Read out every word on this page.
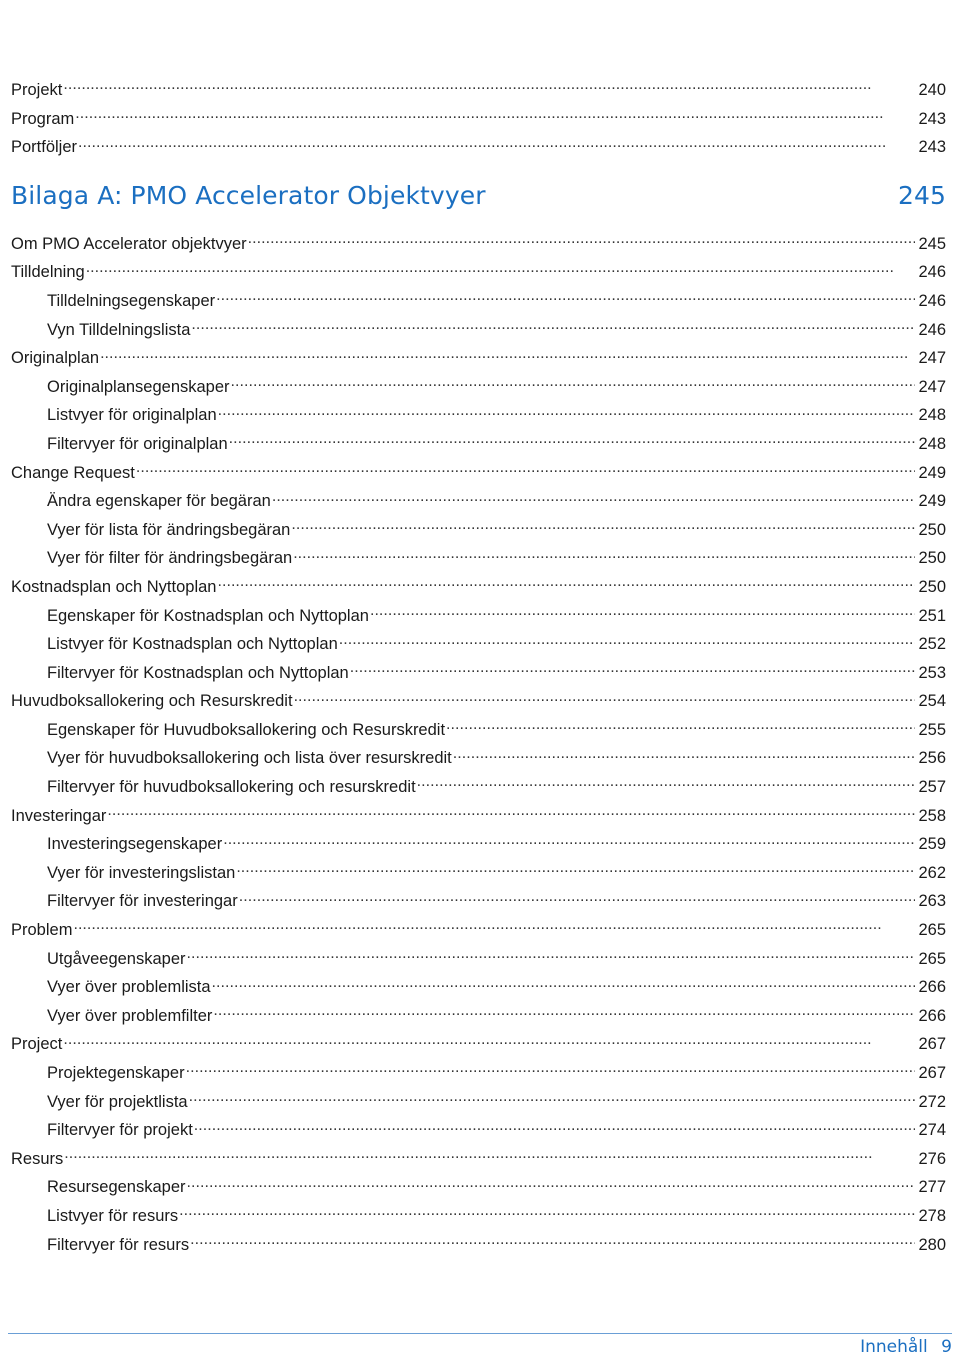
Projekt . . .	240
Program . . .	243
Portföljer . . .	243
Bilaga A: PMO Accelerator Objektvyer	245
Om PMO Accelerator objektvyer . . .	245
Tilldelning . . .	246
Tilldelningsegenskaper . . .	246
Vyn Tilldelningslista . . .	246
Originalplan . . .	247
Originalplansegenskaper . . .	247
Listvyer för originalplan . . .	248
Filtervyer för originalplan . . .	248
Change Request . . .	249
Ändra egenskaper för begäran . . .	249
Vyer för lista för ändringsbegäran . . .	250
Vyer för filter för ändringsbegäran . . .	250
Kostnadsplan och Nyttoplan . . .	250
Egenskaper för Kostnadsplan och Nyttoplan . . .	251
Listvyer för Kostnadsplan och Nyttoplan . . .	252
Filtervyer för Kostnadsplan och Nyttoplan . . .	253
Huvudboksallokering och Resurskredit . . .	254
Egenskaper för Huvudboksallokering och Resurskredit . . .	255
Vyer för huvudboksallokering och lista över resurskredit . . .	256
Filtervyer för huvudboksallokering och resurskredit . . .	257
Investeringar . . .	258
Investeringsegenskaper . . .	259
Vyer för investeringslistan . . .	262
Filtervyer för investeringar . . .	263
Problem . . .	265
Utgåveegenskaper . . .	265
Vyer över problemlista . . .	266
Vyer över problemfilter . . .	266
Project . . .	267
Projektegenskaper . . .	267
Vyer för projektlista . . .	272
Filtervyer för projekt . . .	274
Resurs . . .	276
Resursegenskaper . . .	277
Listvyer för resurs . . .	278
Filtervyer för resurs . . .	280
Innehåll 9
